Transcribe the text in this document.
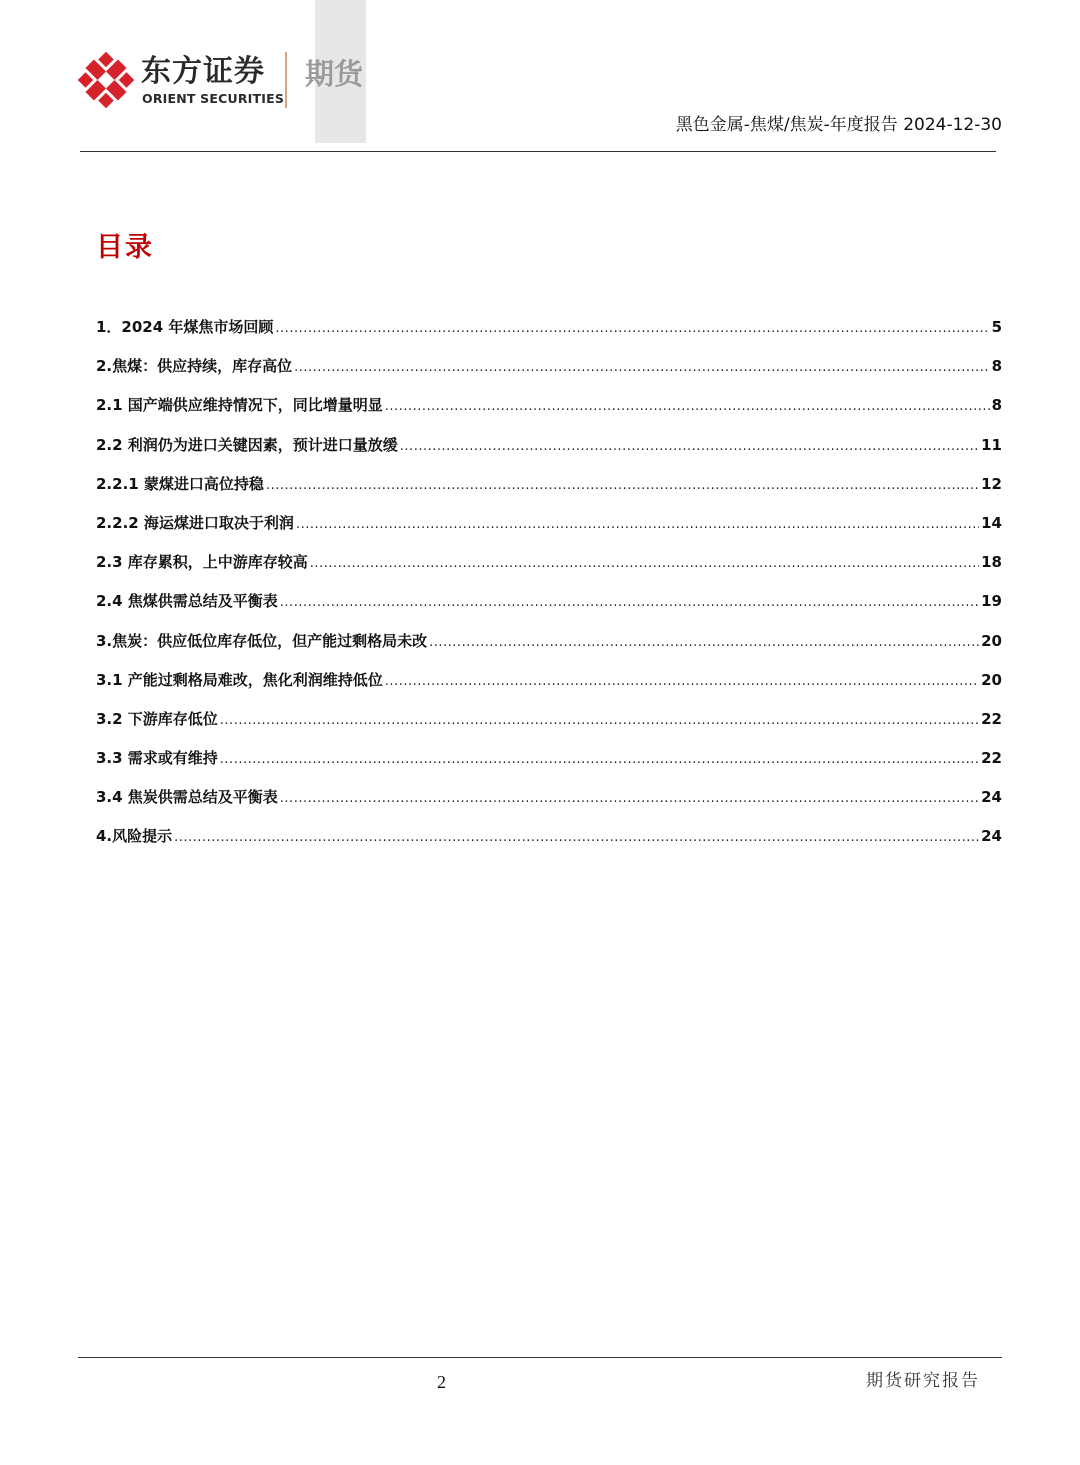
东方证券
ORIENT SECURITIES
期货
黑色金属-焦煤/焦炭-年度报告 2024-12-30
目录
1．2024 年煤焦市场回顾 .....	5
2.焦煤：供应持续，库存高位 .....	8
2.1 国产端供应维持情况下，同比增量明显 .....	8
2.2 利润仍为进口关键因素，预计进口量放缓 .....	11
2.2.1 蒙煤进口高位持稳 .....	12
2.2.2 海运煤进口取决于利润 .....	14
2.3 库存累积，上中游库存较高 .....	18
2.4 焦煤供需总结及平衡表 .....	19
3.焦炭：供应低位库存低位，但产能过剩格局未改 .....	20
3.1 产能过剩格局难改，焦化利润维持低位 .....	20
3.2 下游库存低位 .....	22
3.3 需求或有维持 .....	22
3.4 焦炭供需总结及平衡表 .....	24
4.风险提示 .....	24
2	期货研究报告
